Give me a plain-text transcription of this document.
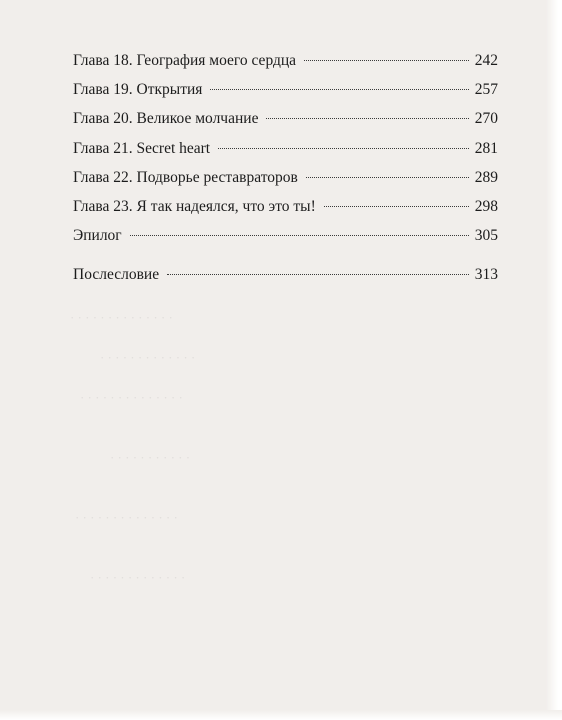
· · · · · · · · · · · · · ·
· · · · · · · · · · · · ·
· · · · · · · · · · · · · ·
· · · · · · · · · · ·
· · · · · · · · · · · · · ·
· · · · · · · · · · · · ·
Глава 18. География моего сердца	242
Глава 19. Открытия	257
Глава 20. Великое молчание	270
Глава 21. Secret heart	281
Глава 22. Подворье реставраторов	289
Глава 23. Я так надеялся, что это ты!	298
Эпилог	305
Послесловие	313
